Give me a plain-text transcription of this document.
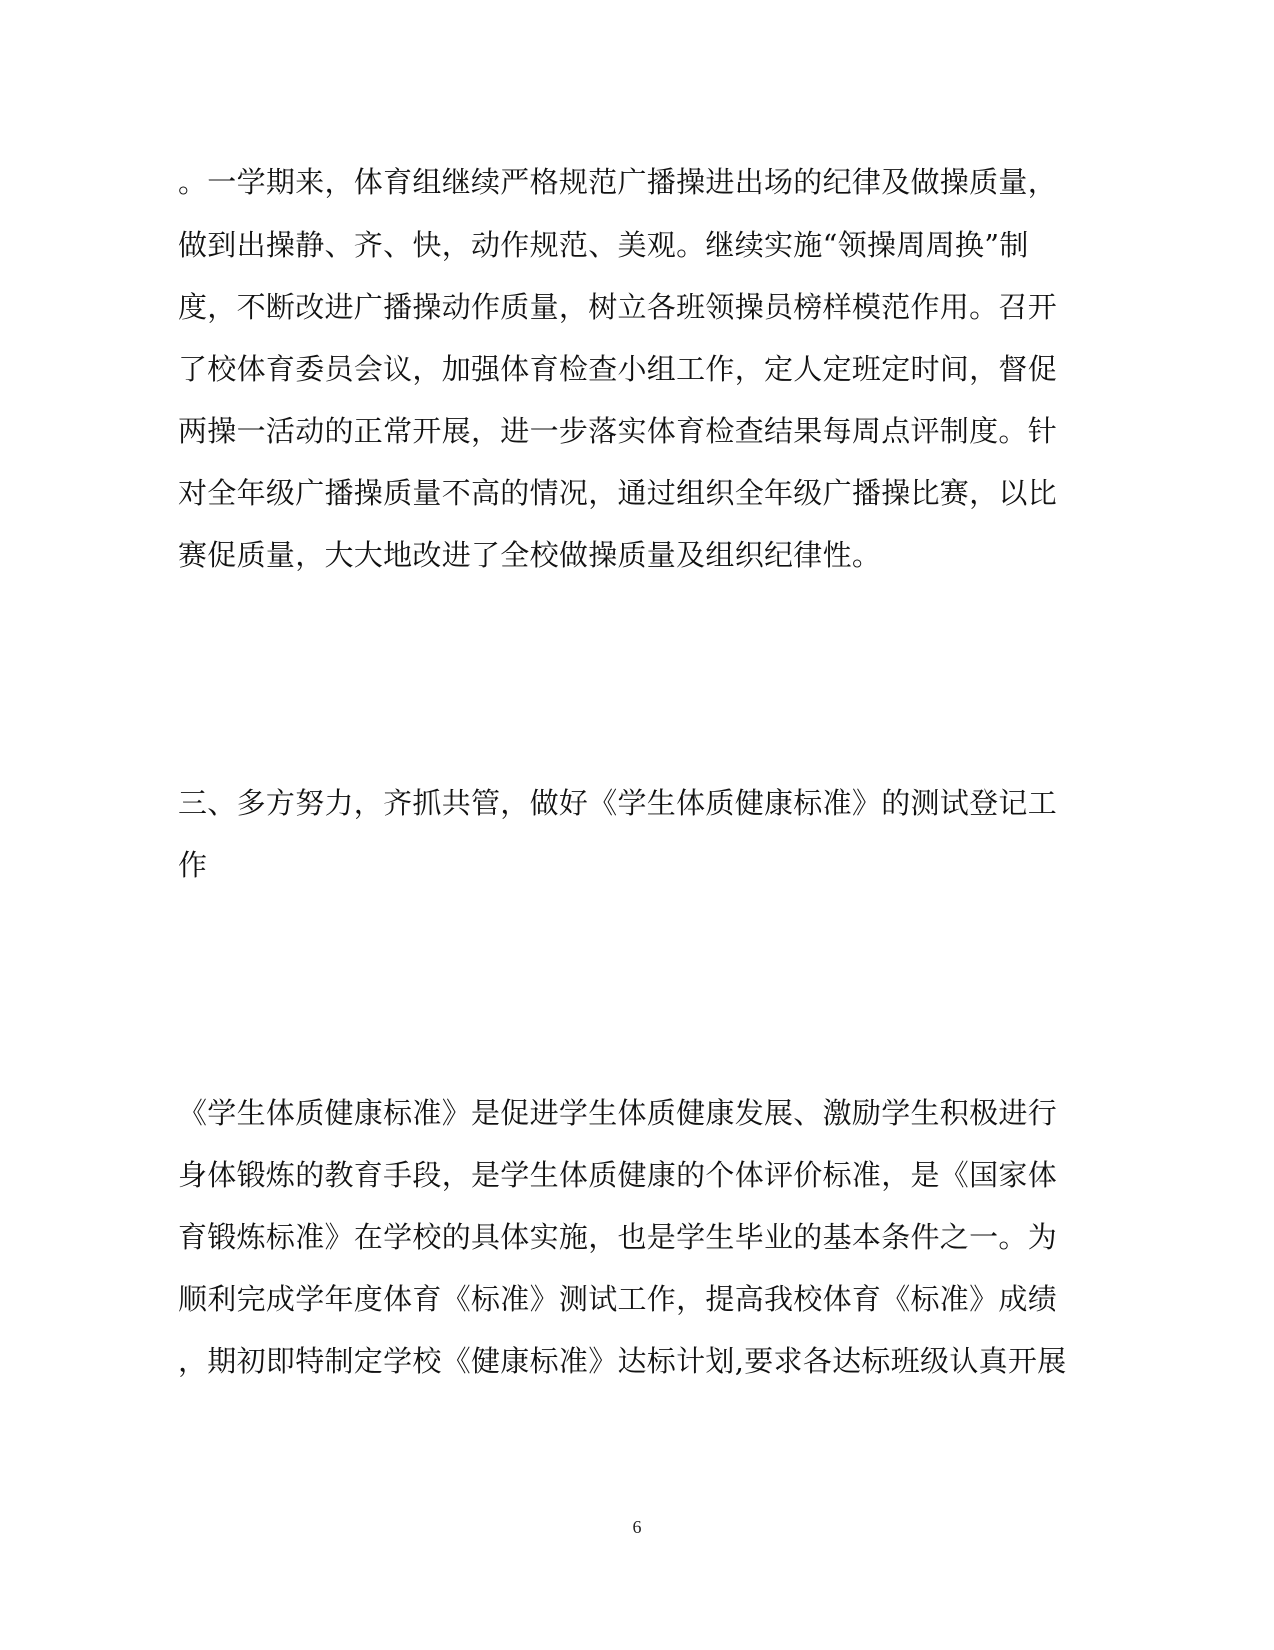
。一学期来，体育组继续严格规范广播操进出场的纪律及做操质量，
做到出操静、齐、快，动作规范、美观。继续实施“领操周周换”制
度，不断改进广播操动作质量，树立各班领操员榜样模范作用。召开
了校体育委员会议，加强体育检查小组工作，定人定班定时间，督促
两操一活动的正常开展，进一步落实体育检查结果每周点评制度。针
对全年级广播操质量不高的情况，通过组织全年级广播操比赛，以比
赛促质量，大大地改进了全校做操质量及组织纪律性。
三、多方努力，齐抓共管，做好《学生体质健康标准》的测试登记工
作
《学生体质健康标准》是促进学生体质健康发展、激励学生积极进行
身体锻炼的教育手段，是学生体质健康的个体评价标准，是《国家体
育锻炼标准》在学校的具体实施，也是学生毕业的基本条件之一。为
顺利完成学年度体育《标准》测试工作，提高我校体育《标准》成绩
，期初即特制定学校《健康标准》达标计划,要求各达标班级认真开展
6
